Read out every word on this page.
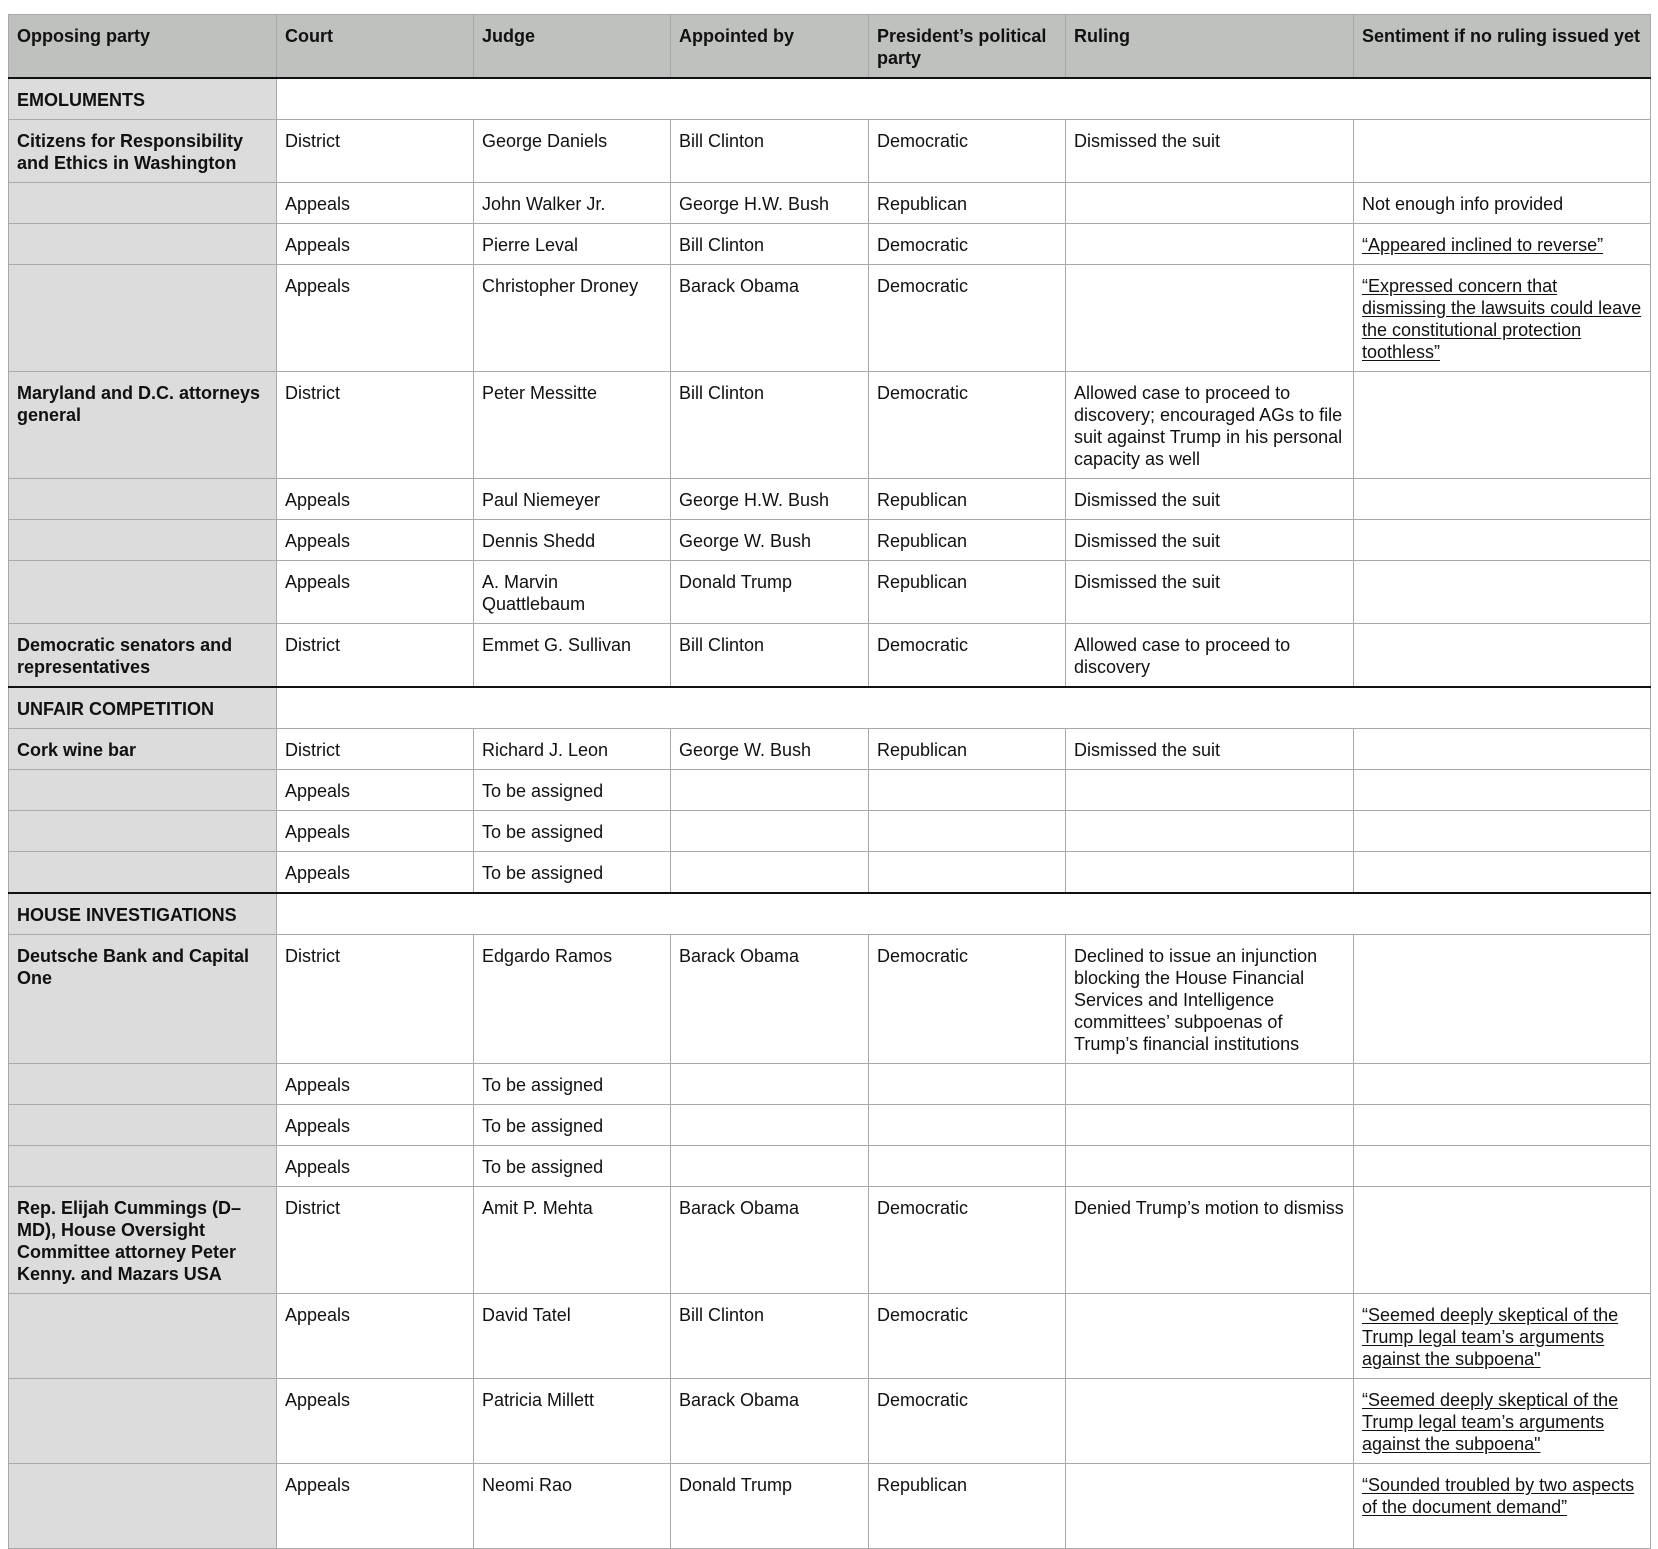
Opposing party	Court	Judge	Appointed by	President’s political party	Ruling	Sentiment if no ruling issued yet
EMOLUMENTS						
Citizens for Responsibility and Ethics in Washington	District	George Daniels	Bill Clinton	Democratic	Dismissed the suit	
	Appeals	John Walker Jr.	George H.W. Bush	Republican		Not enough info provided
	Appeals	Pierre Leval	Bill Clinton	Democratic		“Appeared inclined to reverse”
	Appeals	Christopher Droney	Barack Obama	Democratic		“Expressed concern that dismissing the lawsuits could leave the constitutional protection toothless”
Maryland and D.C. attorneys general	District	Peter Messitte	Bill Clinton	Democratic	Allowed case to proceed to discovery; encouraged AGs to file suit against Trump in his personal capacity as well	
	Appeals	Paul Niemeyer	George H.W. Bush	Republican	Dismissed the suit	
	Appeals	Dennis Shedd	George W. Bush	Republican	Dismissed the suit	
	Appeals	A. Marvin Quattlebaum	Donald Trump	Republican	Dismissed the suit	
Democratic senators and representatives	District	Emmet G. Sullivan	Bill Clinton	Democratic	Allowed case to proceed to discovery	
UNFAIR COMPETITION						
Cork wine bar	District	Richard J. Leon	George W. Bush	Republican	Dismissed the suit	
	Appeals	To be assigned				
	Appeals	To be assigned				
	Appeals	To be assigned				
HOUSE INVESTIGATIONS						
Deutsche Bank and Capital One	District	Edgardo Ramos	Barack Obama	Democratic	Declined to issue an injunction blocking the House Financial Services and Intelligence committees’ subpoenas of Trump’s financial institutions	
	Appeals	To be assigned				
	Appeals	To be assigned				
	Appeals	To be assigned				
Rep. Elijah Cummings (D–MD), House Oversight Committee attorney Peter Kenny. and Mazars USA	District	Amit P. Mehta	Barack Obama	Democratic	Denied Trump’s motion to dismiss	
	Appeals	David Tatel	Bill Clinton	Democratic		“Seemed deeply skeptical of the Trump legal team’s arguments against the subpoena"
	Appeals	Patricia Millett	Barack Obama	Democratic		“Seemed deeply skeptical of the Trump legal team’s arguments against the subpoena"
	Appeals	Neomi Rao	Donald Trump	Republican		“Sounded troubled by two aspects of the document demand”
